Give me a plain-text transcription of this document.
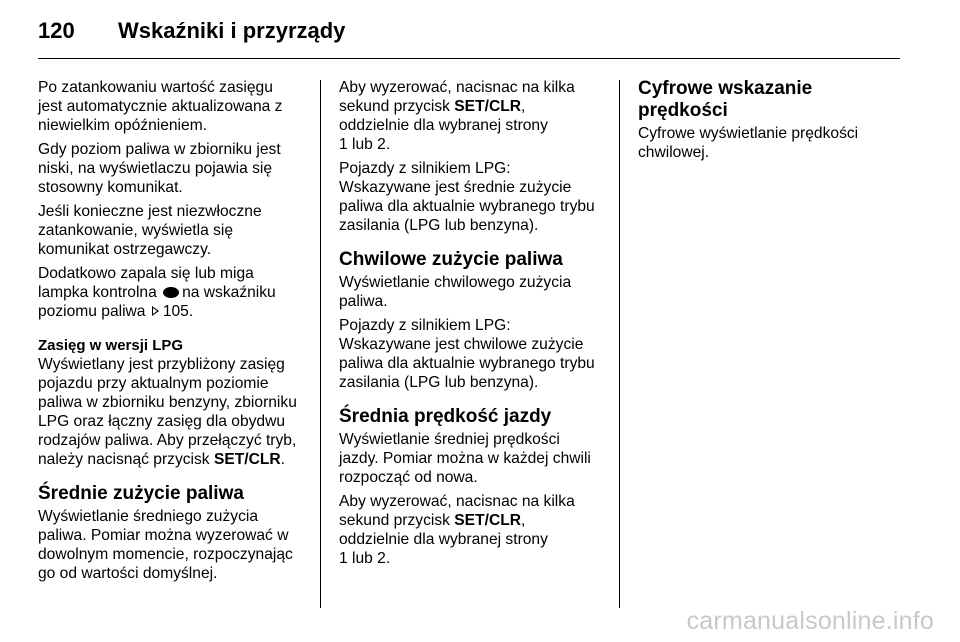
120 Wskaźniki i przyrządy

Po zatankowaniu wartość zasięgu
jest automatycznie aktualizowana z
niewielkim opóźnieniem.

Gdy poziom paliwa w zbiorniku jest
niski, na wyświetlaczu pojawia się
stosowny komunikat.

Jeśli konieczne jest niezwłoczne
zatankowanie, wyświetla się
komunikat ostrzegawczy.

Dodatkowo zapala się lub miga
lampka kontrolna na wskaźniku
poziomu paliwa 105.

Zasięg w wersji LPG

Wyświetlany jest przybliżony zasięg
pojazdu przy aktualnym poziomie
paliwa w zbiorniku benzyny, zbiorniku
LPG oraz łączny zasięg dla obydwu
rodzajów paliwa. Aby przełączyć tryb,
należy nacisnąć przycisk SET/CLR.

Średnie zużycie paliwa

Wyświetlanie średniego zużycia
paliwa. Pomiar można wyzerować w
dowolnym momencie, rozpoczynając
go od wartości domyślnej.

Aby wyzerować, nacisnac na kilka
sekund przycisk SET/CLR,
oddzielnie dla wybranej strony
1 lub 2.

Pojazdy z silnikiem LPG:
Wskazywane jest średnie zużycie
paliwa dla aktualnie wybranego trybu
zasilania (LPG lub benzyna).

Chwilowe zużycie paliwa

Wyświetlanie chwilowego zużycia
paliwa.

Pojazdy z silnikiem LPG:
Wskazywane jest chwilowe zużycie
paliwa dla aktualnie wybranego trybu
zasilania (LPG lub benzyna).

Średnia prędkość jazdy

Wyświetlanie średniej prędkości
jazdy. Pomiar można w każdej chwili
rozpocząć od nowa.

Aby wyzerować, nacisnac na kilka
sekund przycisk SET/CLR,
oddzielnie dla wybranej strony
1 lub 2.

Cyfrowe wskazanie prędkości

Cyfrowe wyświetlanie prędkości
chwilowej.

carmanualsonline.info
